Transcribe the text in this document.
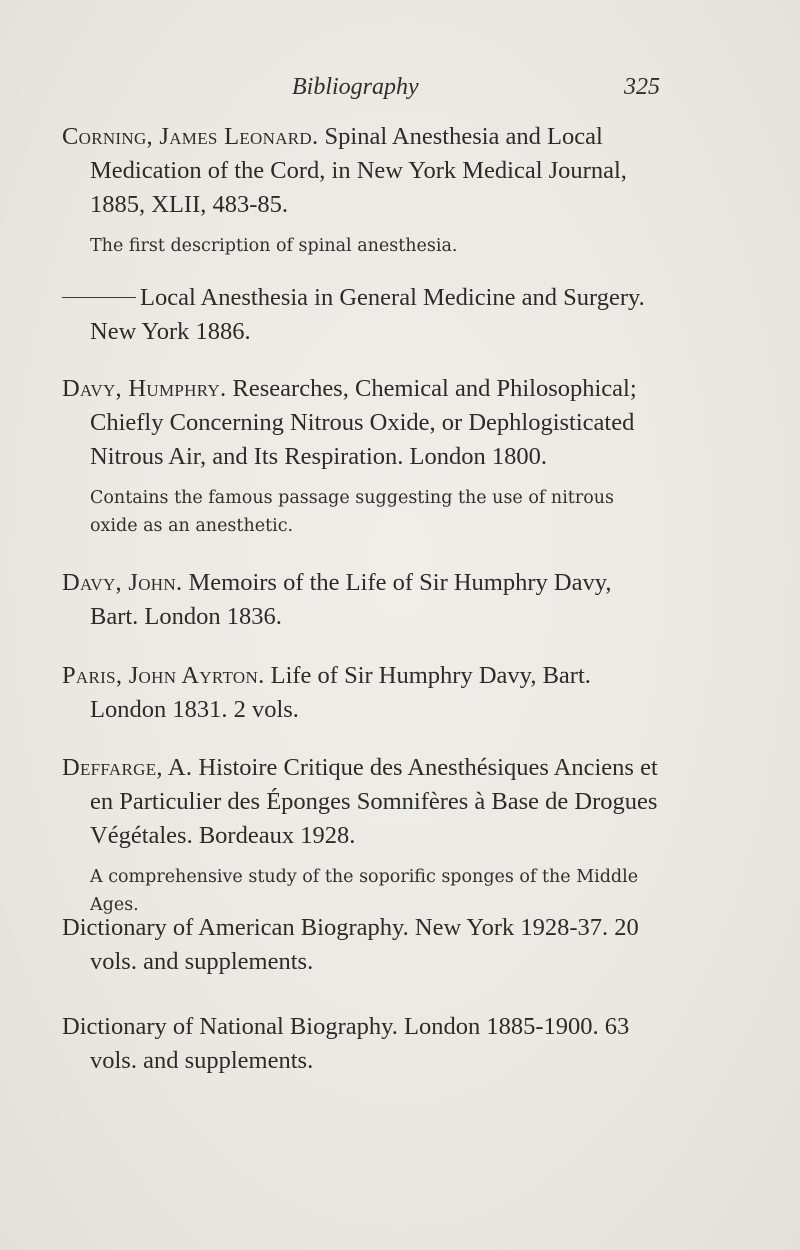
Bibliography	325
Corning, James Leonard. Spinal Anesthesia and Local Medication of the Cord, in New York Medical Journal, 1885, XLII, 483-85.
The first description of spinal anesthesia.
Local Anesthesia in General Medicine and Surgery. New York 1886.
Davy, Humphry. Researches, Chemical and Philosophical; Chiefly Concerning Nitrous Oxide, or Dephlogisticated Nitrous Air, and Its Respiration. London 1800.
Contains the famous passage suggesting the use of nitrous oxide as an anesthetic.
Davy, John. Memoirs of the Life of Sir Humphry Davy, Bart. London 1836.
Paris, John Ayrton. Life of Sir Humphry Davy, Bart. London 1831. 2 vols.
Deffarge, A. Histoire Critique des Anesthésiques Anciens et en Particulier des Éponges Somnifères à Base de Drogues Végétales. Bordeaux 1928.
A comprehensive study of the soporific sponges of the Middle Ages.
Dictionary of American Biography. New York 1928-37. 20 vols. and supplements.
Dictionary of National Biography. London 1885-1900. 63 vols. and supplements.
